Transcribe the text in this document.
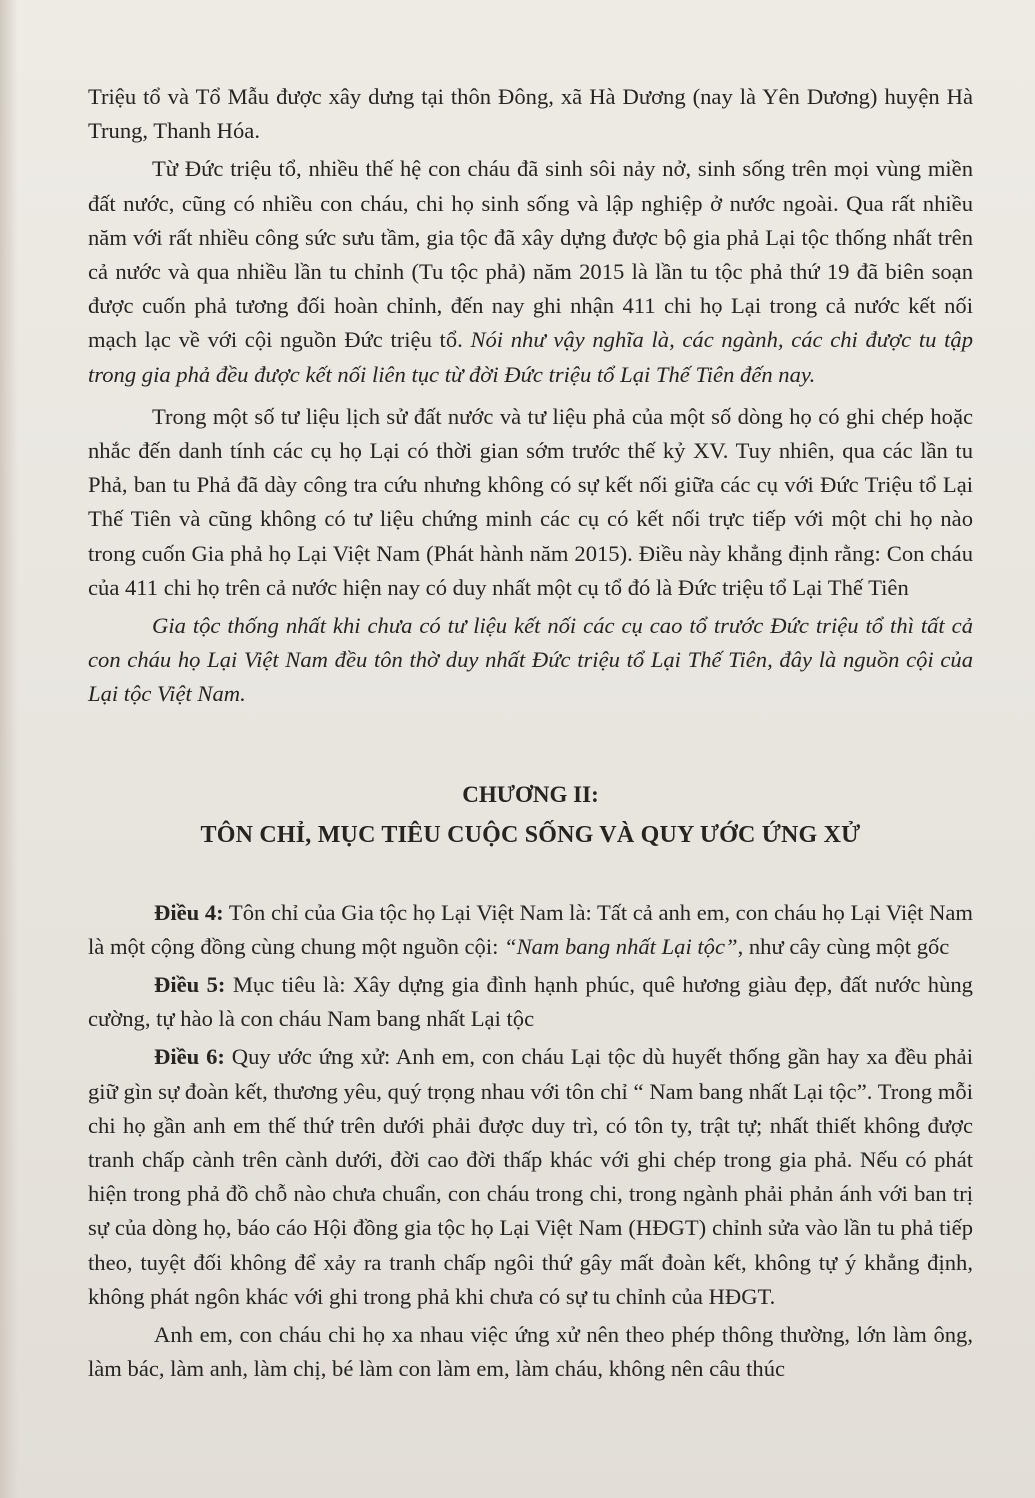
Triệu tổ và Tổ Mẫu được xây dưng tại thôn Đông, xã Hà Dương (nay là Yên Dương) huyện Hà Trung, Thanh Hóa.

Từ Đức triệu tổ, nhiều thế hệ con cháu đã sinh sôi nảy nở, sinh sống trên mọi vùng miền đất nước, cũng có nhiều con cháu, chi họ sinh sống và lập nghiệp ở nước ngoài. Qua rất nhiều năm với rất nhiều công sức sưu tầm, gia tộc đã xây dựng được bộ gia phả Lại tộc thống nhất trên cả nước và qua nhiều lần tu chỉnh (Tu tộc phả) năm 2015 là lần tu tộc phả thứ 19 đã biên soạn được cuốn phả tương đối hoàn chỉnh, đến nay ghi nhận 411 chi họ Lại trong cả nước kết nối mạch lạc về với cội nguồn Đức triệu tổ. Nói như vậy nghĩa là, các ngành, các chi được tu tập trong gia phả đều được kết nối liên tục từ đời Đức triệu tổ Lại Thế Tiên đến nay.

Trong một số tư liệu lịch sử đất nước và tư liệu phả của một số dòng họ có ghi chép hoặc nhắc đến danh tính các cụ họ Lại có thời gian sớm trước thế kỷ XV. Tuy nhiên, qua các lần tu Phả, ban tu Phả đã dày công tra cứu nhưng không có sự kết nối giữa các cụ với Đức Triệu tổ Lại Thế Tiên và cũng không có tư liệu chứng minh các cụ có kết nối trực tiếp với một chi họ nào trong cuốn Gia phả họ Lại Việt Nam (Phát hành năm 2015). Điều này khẳng định rằng: Con cháu của 411 chi họ trên cả nước hiện nay có duy nhất một cụ tổ đó là Đức triệu tổ Lại Thế Tiên

Gia tộc thống nhất khi chưa có tư liệu kết nối các cụ cao tổ trước Đức triệu tổ thì tất cả con cháu họ Lại Việt Nam đều tôn thờ duy nhất Đức triệu tổ Lại Thế Tiên, đây là nguồn cội của Lại tộc Việt Nam.

CHƯƠNG II:
TÔN CHỈ, MỤC TIÊU CUỘC SỐNG VÀ QUY ƯỚC ỨNG XỬ

Điều 4: Tôn chỉ của Gia tộc họ Lại Việt Nam là: Tất cả anh em, con cháu họ Lại Việt Nam là một cộng đồng cùng chung một nguồn cội: “Nam bang nhất Lại tộc”, như cây cùng một gốc

Điều 5: Mục tiêu là: Xây dựng gia đình hạnh phúc, quê hương giàu đẹp, đất nước hùng cường, tự hào là con cháu Nam bang nhất Lại tộc

Điều 6: Quy ước ứng xử: Anh em, con cháu Lại tộc dù huyết thống gần hay xa đều phải giữ gìn sự đoàn kết, thương yêu, quý trọng nhau với tôn chỉ “ Nam bang nhất Lại tộc”. Trong mỗi chi họ gần anh em thế thứ trên dưới phải được duy trì, có tôn ty, trật tự; nhất thiết không được tranh chấp cành trên cành dưới, đời cao đời thấp khác với ghi chép trong gia phả. Nếu có phát hiện trong phả đồ chỗ nào chưa chuẩn, con cháu trong chi, trong ngành phải phản ánh với ban trị sự của dòng họ, báo cáo Hội đồng gia tộc họ Lại Việt Nam (HĐGT) chỉnh sửa vào lần tu phả tiếp theo, tuyệt đối không để xảy ra tranh chấp ngôi thứ gây mất đoàn kết, không tự ý khẳng định, không phát ngôn khác với ghi trong phả khi chưa có sự tu chỉnh của HĐGT.

Anh em, con cháu chi họ xa nhau việc ứng xử nên theo phép thông thường, lớn làm ông, làm bác, làm anh, làm chị, bé làm con làm em, làm cháu, không nên câu thúc
